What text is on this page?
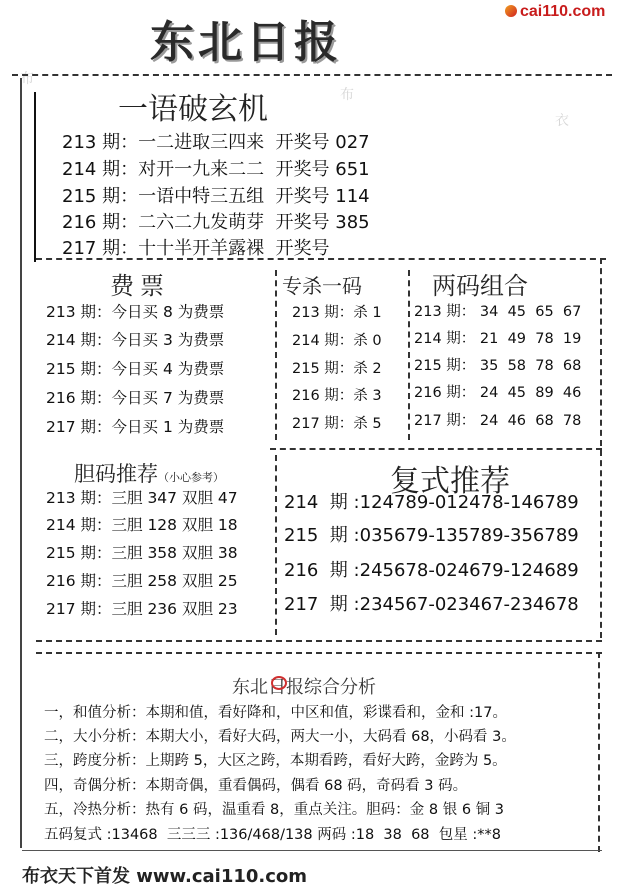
东北日报
cai110.com
布
布
衣
一语破玄机
213 期：一二进取三四来 开奖号 027
214 期：对开一九来二二 开奖号 651
215 期：一语中特三五组 开奖号 114
216 期：二六二九发萌芽 开奖号 385
217 期：十十半开羊露裸 开奖号
费票
213 期：今日买 8 为费票
214 期：今日买 3 为费票
215 期：今日买 4 为费票
216 期：今日买 7 为费票
217 期：今日买 1 为费票
专杀一码
213 期：杀 1
214 期：杀 0
215 期：杀 2
216 期：杀 3
217 期：杀 5
两码组合
213 期： 34  45  65  67
214 期： 21  49  78  19
215 期： 35  58  78  68
216 期： 24  45  89  46
217 期： 24  46  68  78
胆码推荐（小心参考）
213 期：三胆 347 双胆 47
214 期：三胆 128 双胆 18
215 期：三胆 358 双胆 38
216 期：三胆 258 双胆 25
217 期：三胆 236 双胆 23
复式推荐
214  期 :124789-012478-146789
215  期 :035679-135789-356789
216  期 :245678-024679-124689
217  期 :234567-023467-234678
东北日报综合分析
一，和值分析：本期和值，看好降和，中区和值，彩谍看和，金和 :17。
二，大小分析：本期大小，看好大码，两大一小，大码看 68，小码看 3。
三，跨度分析：上期跨 5，大区之跨，本期看跨，看好大跨，金跨为 5。
四，奇偶分析：本期奇偶，重看偶码，偶看 68 码，奇码看 3 码。
五，冷热分析：热有 6 码，温重看 8，重点关注。胆码：金 8 银 6 铜 3
五码复式 :13468  三三三 :136/468/138 两码 :18  38  68  包星 :**8
布衣天下首发 www.cai110.com
